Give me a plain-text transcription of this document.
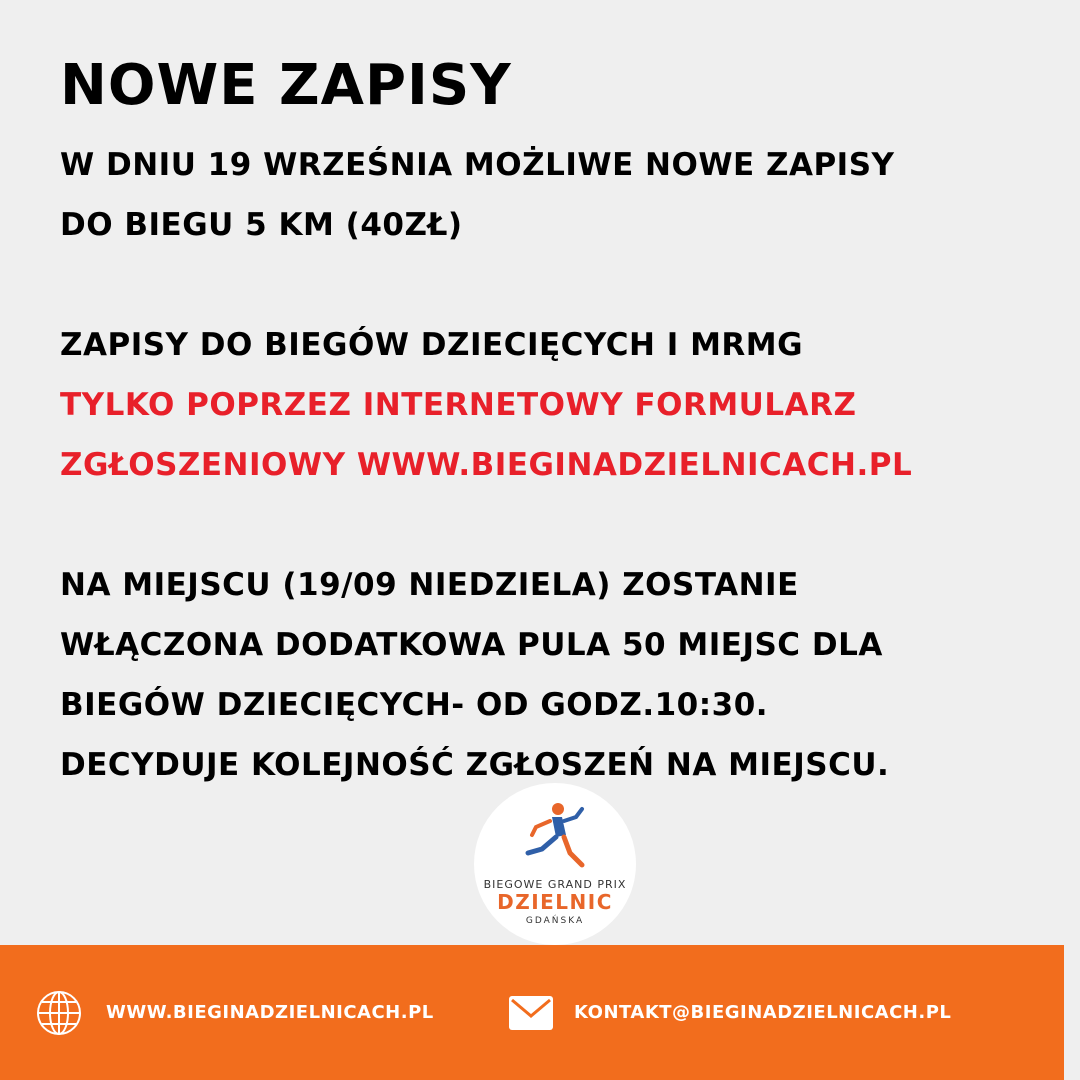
NOWE ZAPISY
W DNIU 19 WRZEŚNIA MOŻLIWE NOWE ZAPISY
DO BIEGU 5 KM (40ZŁ)
ZAPISY DO BIEGÓW DZIECIĘCYCH I MRMG
TYLKO POPRZEZ INTERNETOWY FORMULARZ
ZGŁOSZENIOWY WWW.BIEGINADZIELNICACH.PL
NA MIEJSCU (19/09 NIEDZIELA) ZOSTANIE
WŁĄCZONA DODATKOWA PULA 50 MIEJSC DLA
BIEGÓW DZIECIĘCYCH- OD GODZ.10:30.
DECYDUJE KOLEJNOŚĆ ZGŁOSZEŃ NA MIEJSCU.
BIEGOWE GRAND PRIX
DZIELNIC
GDAŃSKA
WWW.BIEGINADZIELNICACH.PL	KONTAKT@BIEGINADZIELNICACH.PL
